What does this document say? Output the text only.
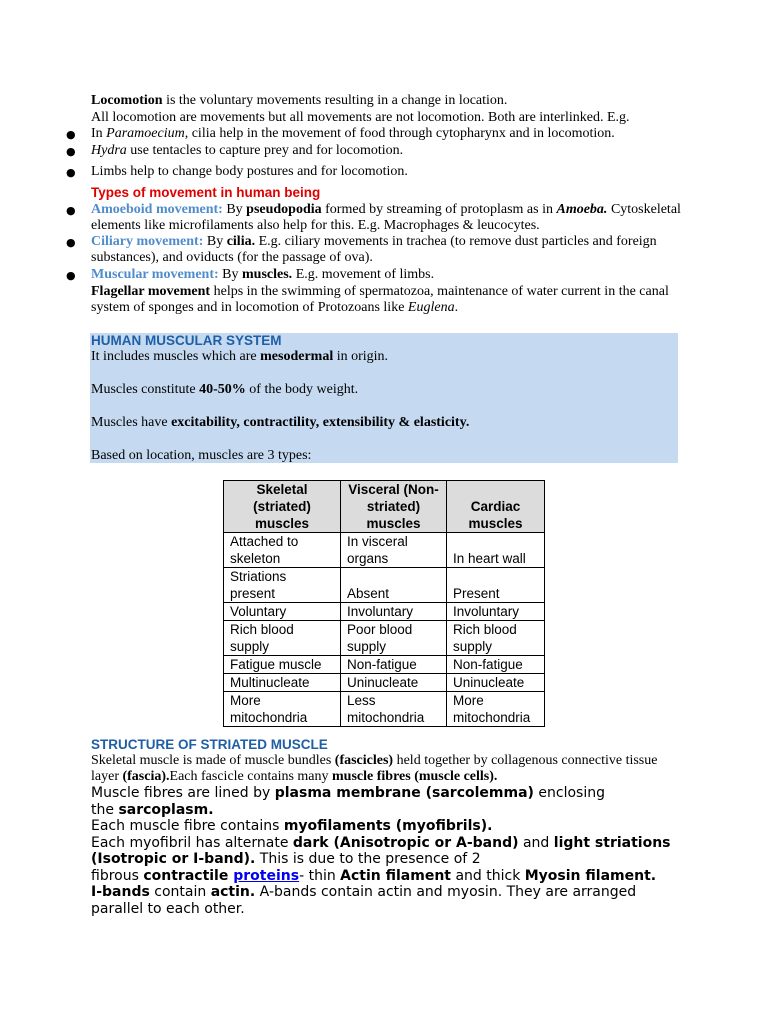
Locomotion is the voluntary movements resulting in a change in location.
All locomotion are movements but all movements are not locomotion. Both are interlinked. E.g.
● In Paramoecium, cilia help in the movement of food through cytopharynx and in locomotion.
● Hydra use tentacles to capture prey and for locomotion.
● Limbs help to change body postures and for locomotion.
Types of movement in human being
● Amoeboid movement: By pseudopodia formed by streaming of protoplasm as in Amoeba. Cytoskeletal
elements like microfilaments also help for this. E.g. Macrophages & leucocytes.
● Ciliary movement: By cilia. E.g. ciliary movements in trachea (to remove dust particles and foreign
substances), and oviducts (for the passage of ova).
● Muscular movement: By muscles. E.g. movement of limbs.
Flagellar movement helps in the swimming of spermatozoa, maintenance of water current in the canal
system of sponges and in locomotion of Protozoans like Euglena.
HUMAN MUSCULAR SYSTEM
It includes muscles which are mesodermal in origin.
Muscles constitute 40-50% of the body weight.
Muscles have excitability, contractility, extensibility & elasticity.
Based on location, muscles are 3 types:
Skeletal (striated) muscles	Visceral (Non-striated) muscles	Cardiac muscles
Attached to skeleton	In visceral organs	In heart wall
Striations present	Absent	Present
Voluntary	Involuntary	Involuntary
Rich blood supply	Poor blood supply	Rich blood supply
Fatigue muscle	Non-fatigue	Non-fatigue
Multinucleate	Uninucleate	Uninucleate
More mitochondria	Less mitochondria	More mitochondria
STRUCTURE OF STRIATED MUSCLE
Skeletal muscle is made of muscle bundles (fascicles) held together by collagenous connective tissue
layer (fascia).Each fascicle contains many muscle fibres (muscle cells).
Muscle fibres are lined by plasma membrane (sarcolemma) enclosing
the sarcoplasm.
Each muscle fibre contains myofilaments (myofibrils).
Each myofibril has alternate dark (Anisotropic or A-band) and light striations
(Isotropic or I-band). This is due to the presence of 2
fibrous contractile proteins- thin Actin filament and thick Myosin filament.
I-bands contain actin. A-bands contain actin and myosin. They are arranged
parallel to each other.
